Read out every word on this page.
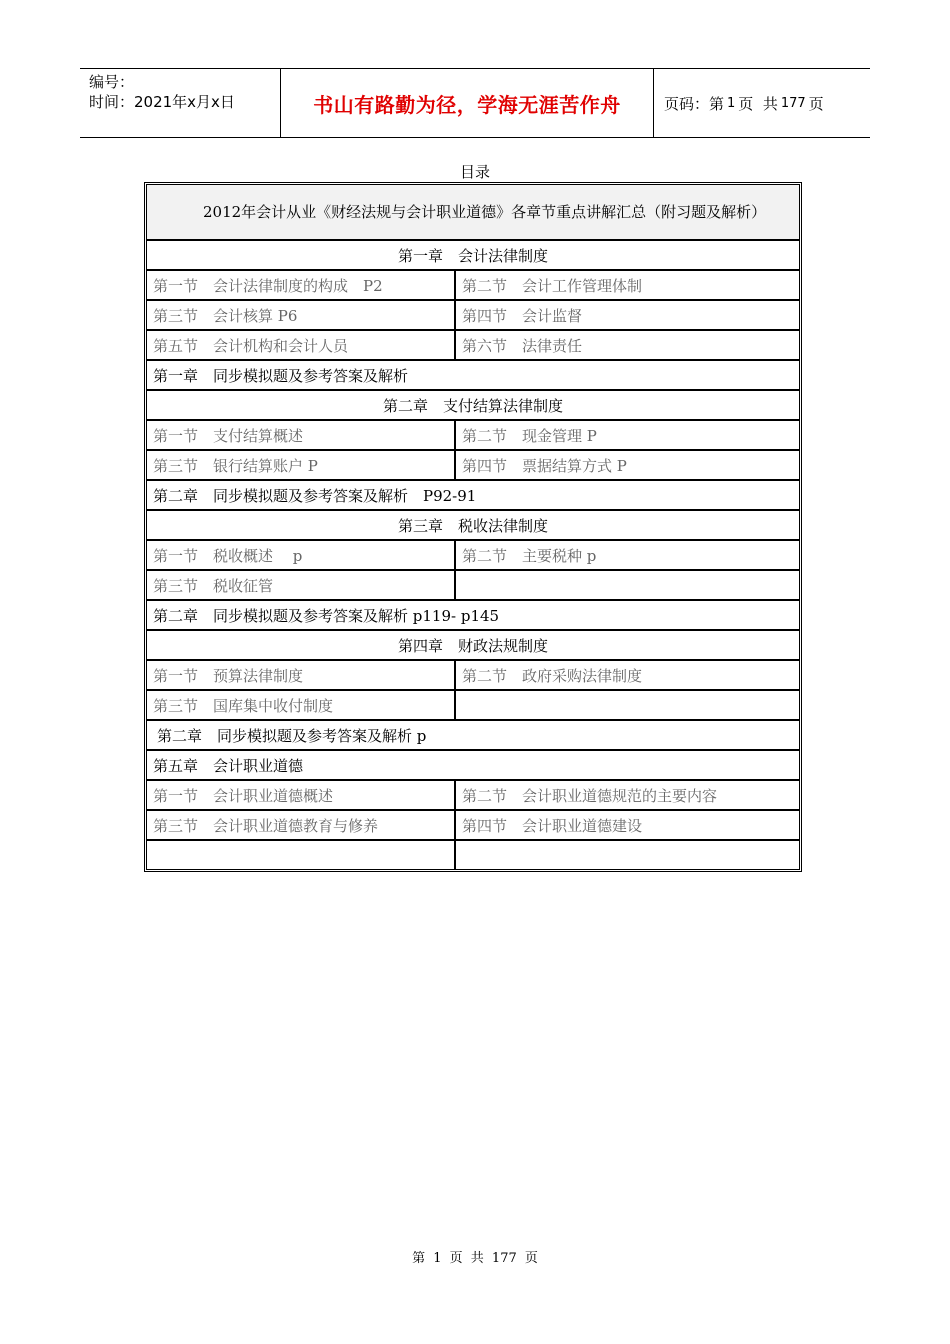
编号：
时间：2021年x月x日	书山有路勤为径，学海无涯苦作舟	页码：第 1 页  共 177 页
目录
2012年会计从业《财经法规与会计职业道德》各章节重点讲解汇总（附习题及解析）	
第一章　会计法律制度	
第一节　会计法律制度的构成　P2	第二节　会计工作管理体制
第三节　会计核算 P6	第四节　会计监督
第五节　会计机构和会计人员	第六节　法律责任
第一章　同步模拟题及参考答案及解析	
第二章　支付结算法律制度	
第一节　支付结算概述	第二节　现金管理 P
第三节　银行结算账户 P	第四节　票据结算方式 P
第二章　同步模拟题及参考答案及解析　P92-91	
第三章　税收法律制度	
第一节　税收概述　 p	第二节　主要税种 p
第三节　税收征管	
第二章　同步模拟题及参考答案及解析 p119- p145	
第四章　财政法规制度	
第一节　预算法律制度	第二节　政府采购法律制度
第三节　国库集中收付制度	
第二章　同步模拟题及参考答案及解析 p	
第五章　会计职业道德	
第一节　会计职业道德概述	第二节　会计职业道德规范的主要内容
第三节　会计职业道德教育与修养	第四节　会计职业道德建设

第 1 页 共 177 页
